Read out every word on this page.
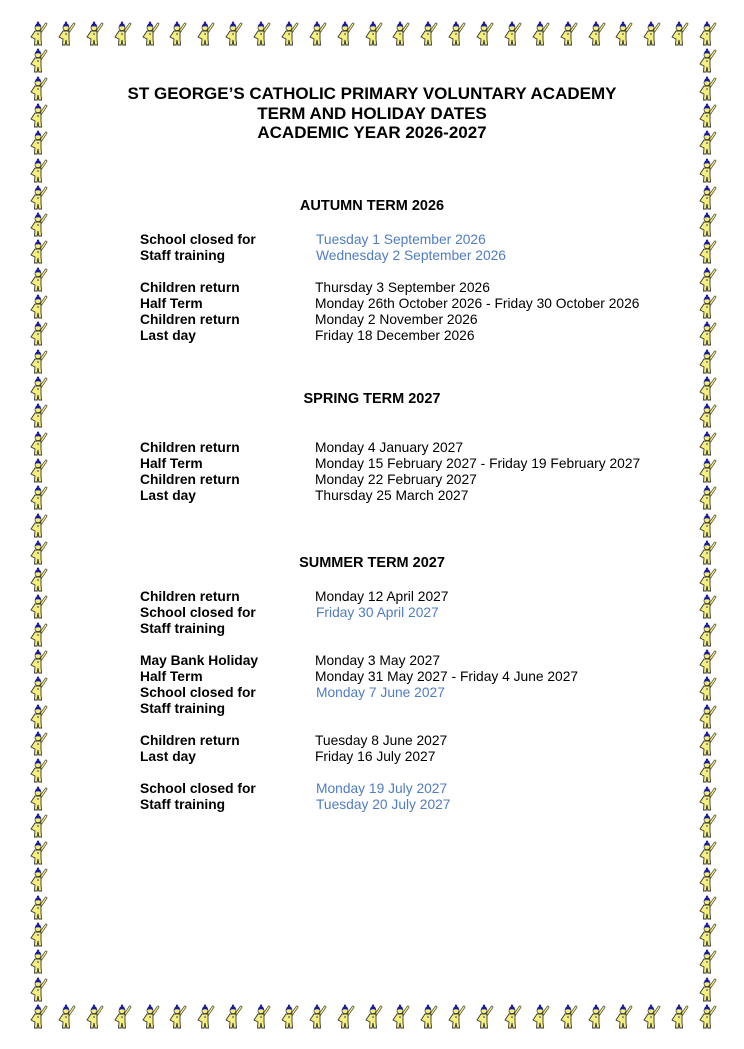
ST GEORGE’S CATHOLIC PRIMARY VOLUNTARY ACADEMY
TERM AND HOLIDAY DATES
ACADEMIC YEAR 2026-2027
AUTUMN TERM 2026
School closed for	Tuesday 1 September 2026
Staff training	Wednesday 2 September 2026
Children return	Thursday 3 September 2026
Half Term	Monday 26th October 2026 - Friday 30 October 2026
Children return	Monday 2 November 2026
Last day	Friday 18 December 2026
SPRING TERM 2027
Children return	Monday 4 January 2027
Half Term	Monday 15 February 2027 - Friday 19 February 2027
Children return	Monday 22 February 2027
Last day	Thursday 25 March 2027
SUMMER TERM 2027
Children return	Monday 12 April 2027
School closed for	Friday 30 April 2027
Staff training
May Bank Holiday	Monday 3 May 2027
Half Term	Monday 31 May 2027 - Friday 4 June 2027
School closed for	Monday 7 June 2027
Staff training
Children return	Tuesday 8 June 2027
Last day	Friday 16 July 2027
School closed for	Monday 19 July 2027
Staff training	Tuesday 20 July 2027
